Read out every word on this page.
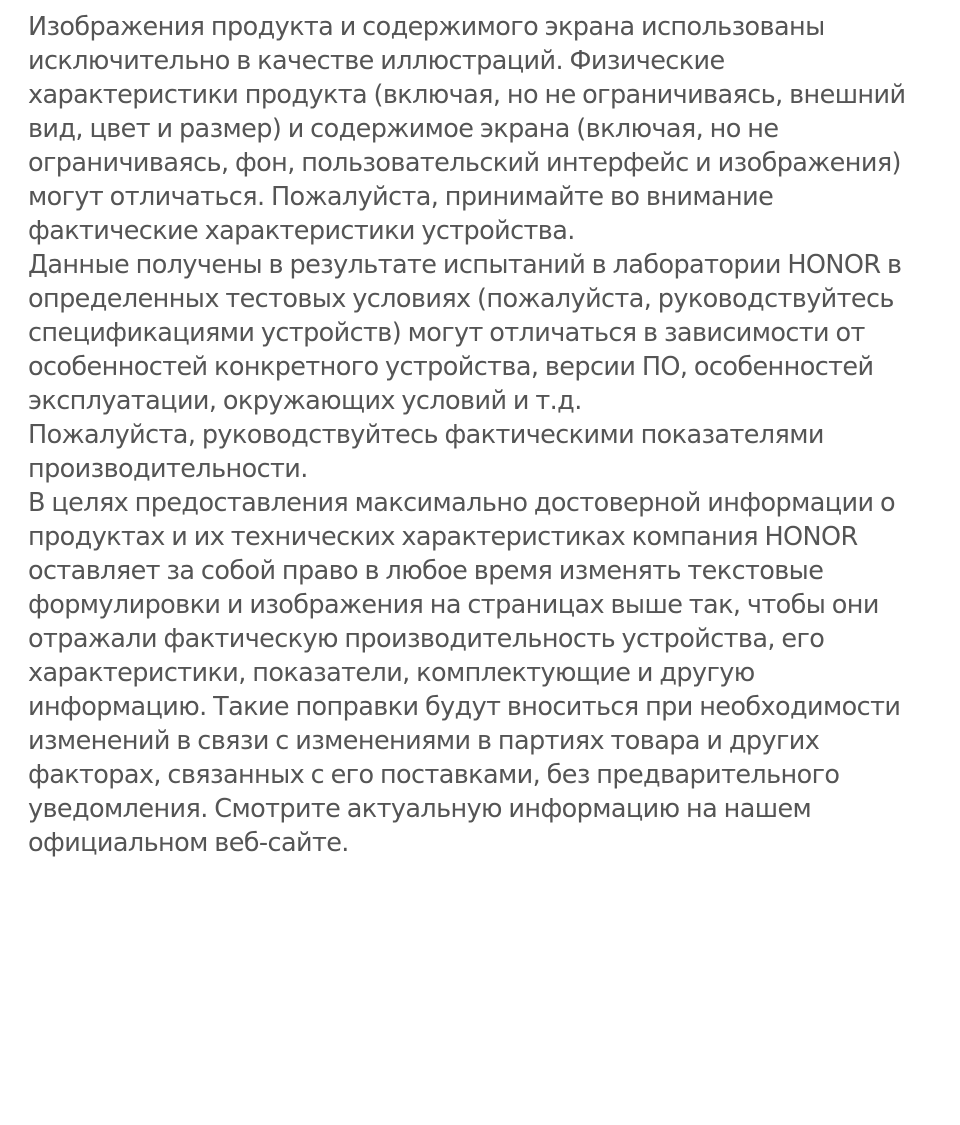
Изображения продукта и содержимого экрана использованы исключительно в качестве иллюстраций. Физические характеристики продукта (включая, но не ограничиваясь, внешний вид, цвет и размер) и содержимое экрана (включая, но не ограничиваясь, фон, пользовательский интерфейс и изображения) могут отличаться. Пожалуйста, принимайте во внимание фактические характеристики устройства.

Данные получены в результате испытаний в лаборатории HONOR в определенных тестовых условиях (пожалуйста, руководствуйтесь спецификациями устройств) могут отличаться в зависимости от особенностей конкретного устройства, версии ПО, особенностей эксплуатации, окружающих условий и т.д.

Пожалуйста, руководствуйтесь фактическими показателями производительности.

В целях предоставления максимально достоверной информации о продуктах и их технических характеристиках компания HONOR оставляет за собой право в любое время изменять текстовые формулировки и изображения на страницах выше так, чтобы они отражали фактическую производительность устройства, его характеристики, показатели, комплектующие и другую информацию. Такие поправки будут вноситься при необходимости изменений в связи с изменениями в партиях товара и других факторах, связанных с его поставками, без предварительного уведомления. Смотрите актуальную информацию на нашем официальном веб-сайте.
